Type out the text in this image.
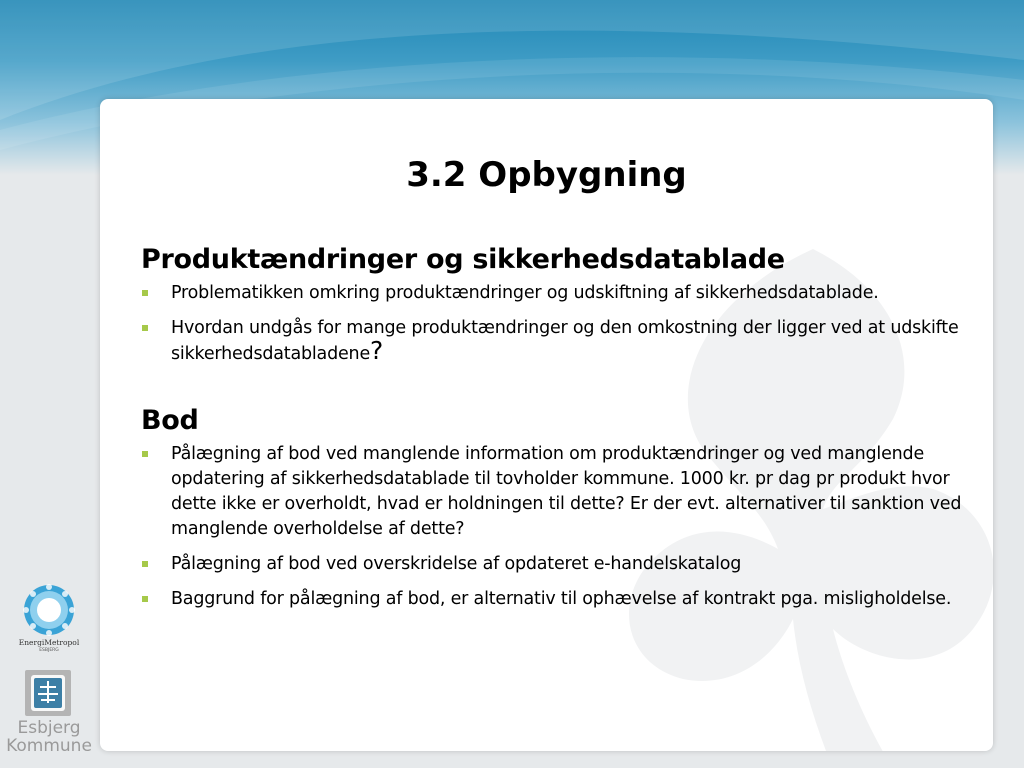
3.2 Opbygning
Produktændringer og sikkerhedsdatablade
Problematikken omkring produktændringer og udskiftning af sikkerhedsdatablade.
Hvordan undgås for mange produktændringer og den omkostning der ligger ved at udskifte sikkerhedsdatabladene?
Bod
Pålægning af bod ved manglende information om produktændringer og ved manglende opdatering af sikkerhedsdatablade til tovholder kommune. 1000 kr. pr dag pr produkt hvor dette ikke er overholdt, hvad er holdningen til dette? Er der evt. alternativer til sanktion ved manglende overholdelse af dette?
Pålægning af bod ved overskridelse af opdateret e-handelskatalog
Baggrund for pålægning af bod, er alternativ til ophævelse af kontrakt pga. misligholdelse.
EnergiMetropol
ESBJERG
Esbjerg
Kommune
